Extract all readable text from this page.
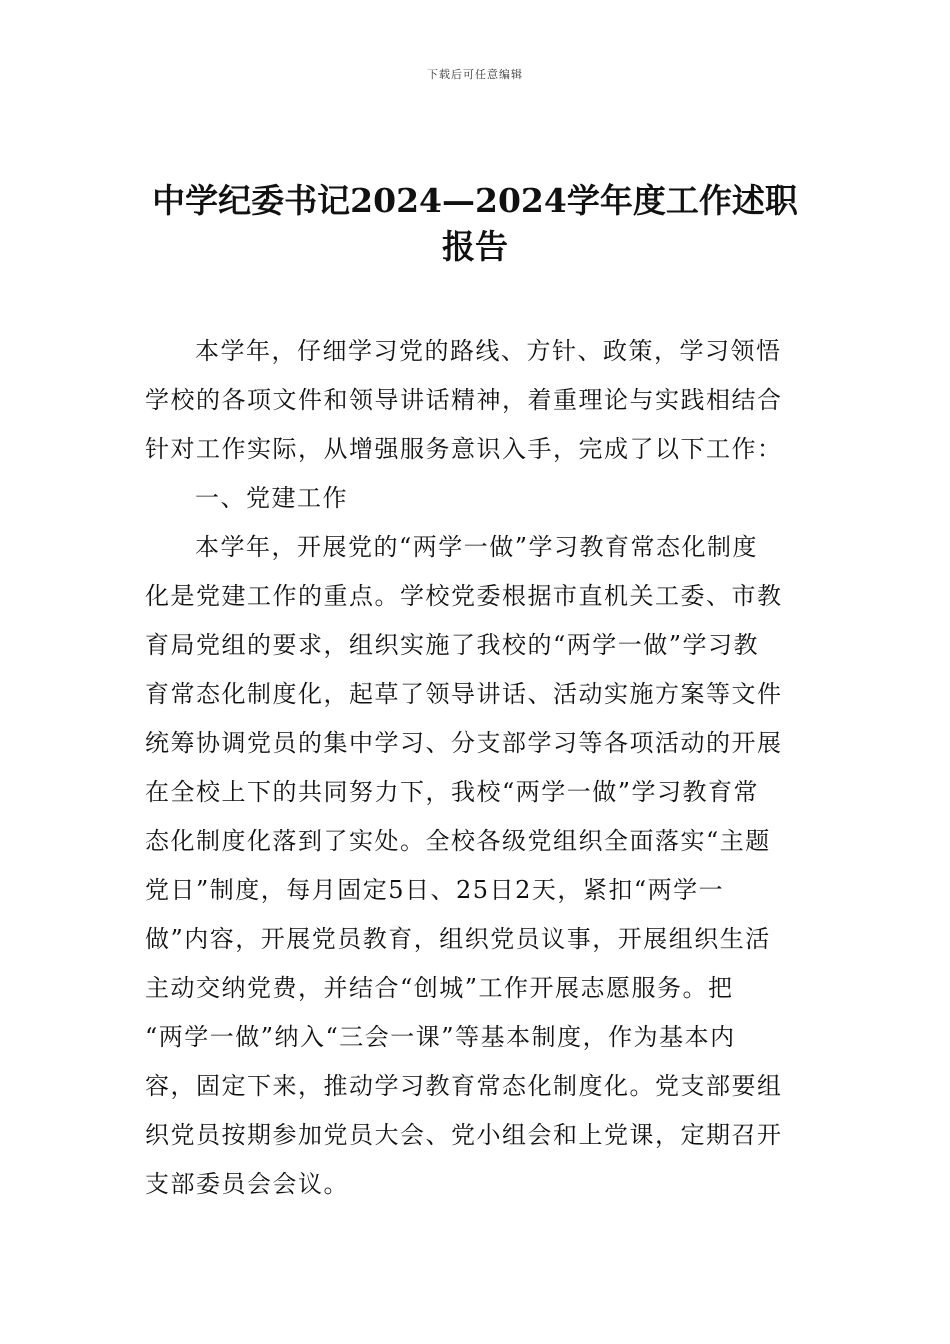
下载后可任意编辑
中学纪委书记2024—2024学年度工作述职
报告
本学年，仔细学习党的路线、方针、政策，学习领悟
学校的各项文件和领导讲话精神，着重理论与实践相结合
针对工作实际，从增强服务意识入手，完成了以下工作：
一、党建工作
本学年，开展党的“两学一做”学习教育常态化制度
化是党建工作的重点。学校党委根据市直机关工委、市教
育局党组的要求，组织实施了我校的“两学一做”学习教
育常态化制度化，起草了领导讲话、活动实施方案等文件
统筹协调党员的集中学习、分支部学习等各项活动的开展
在全校上下的共同努力下，我校“两学一做”学习教育常
态化制度化落到了实处。全校各级党组织全面落实“主题
党日”制度，每月固定5日、25日2天，紧扣“两学一
做”内容，开展党员教育，组织党员议事，开展组织生活
主动交纳党费，并结合“创城”工作开展志愿服务。把
“两学一做”纳入“三会一课”等基本制度，作为基本内
容，固定下来，推动学习教育常态化制度化。党支部要组
织党员按期参加党员大会、党小组会和上党课，定期召开
支部委员会会议。
